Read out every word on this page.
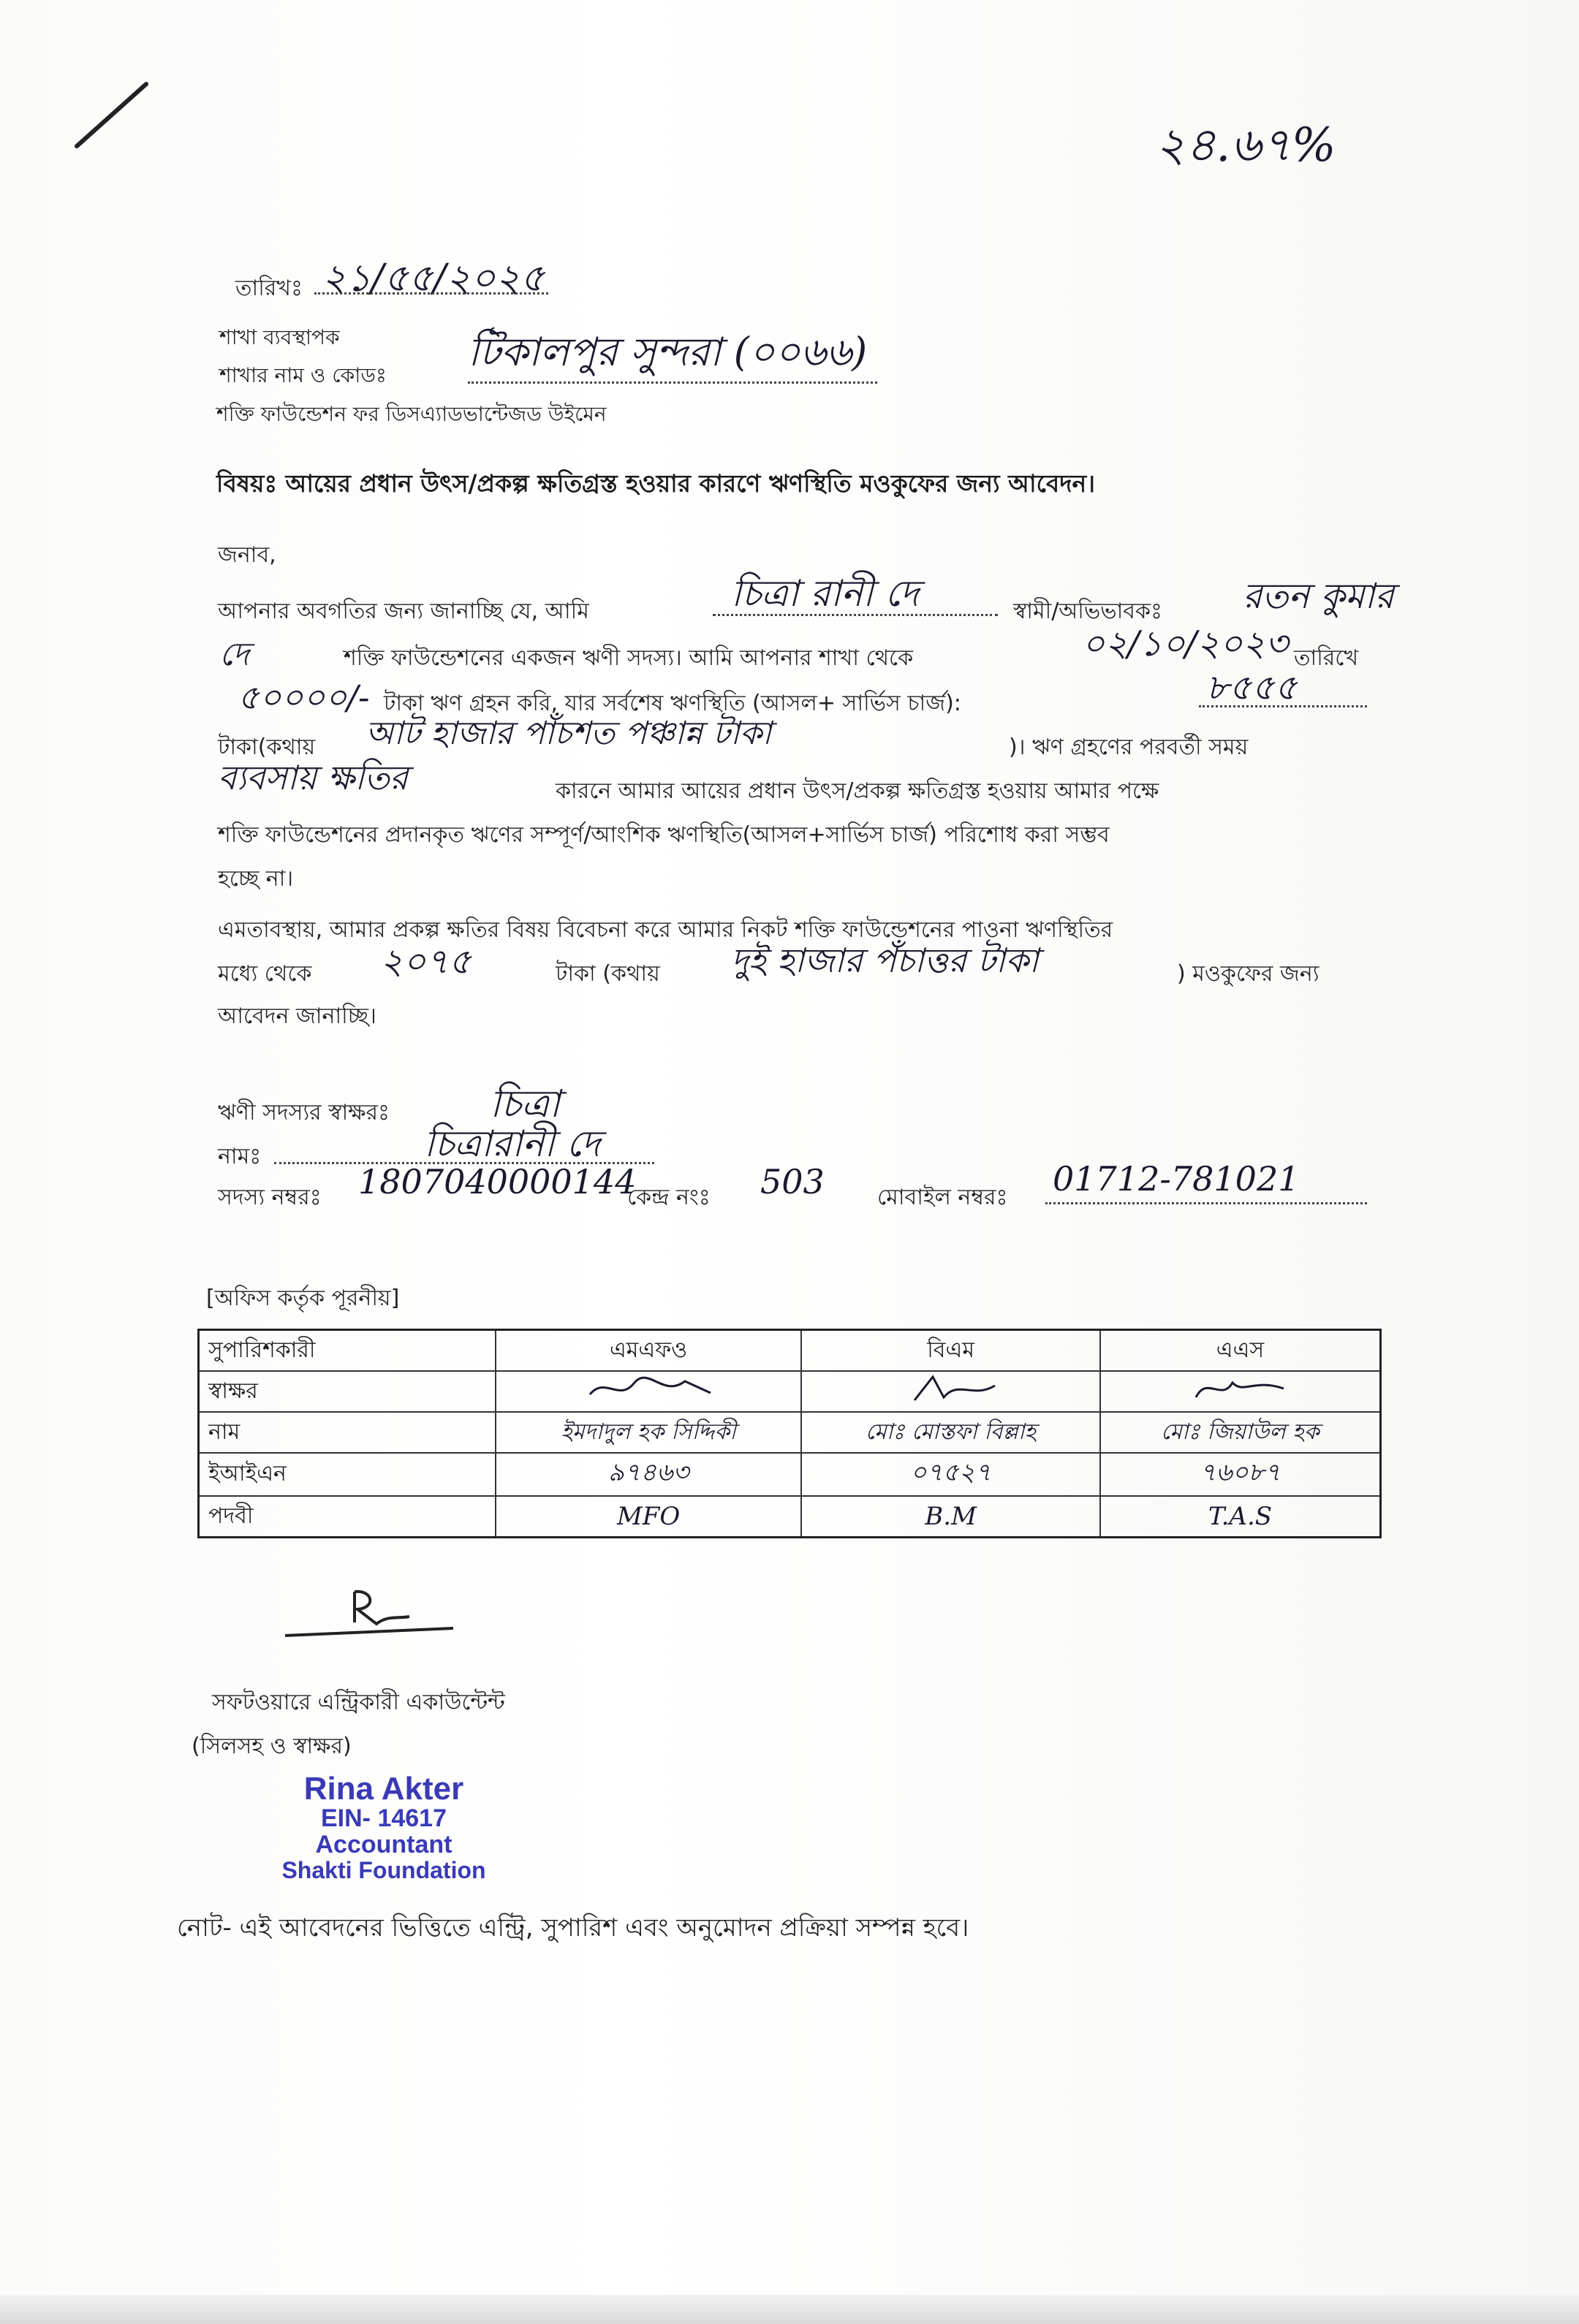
২৪.৬৭%
তারিখঃ ২১/৫৫/২০২৫
শাখা ব্যবস্থাপক
শাখার নাম ও কোডঃ
টিকালপুর সুন্দরা (০০৬৬)
শক্তি ফাউন্ডেশন ফর ডিসএ্যাডভান্টেজড উইমেন
বিষয়ঃ আয়ের প্রধান উৎস/প্রকল্প ক্ষতিগ্রস্ত হওয়ার কারণে ঋণস্থিতি মওকুফের জন্য আবেদন।
জনাব,
আপনার অবগতির জন্য জানাচ্ছি যে, আমি	চিত্রা রানী দে	স্বামী/অভিভাবকঃ রতন কুমার
দে	শক্তি ফাউন্ডেশনের একজন ঋণী সদস্য। আমি আপনার শাখা থেকে	০২/১০/২০২৩ তারিখে
৫০০০০/- টাকা ঋণ গ্রহন করি, যার সর্বশেষ ঋণস্থিতি (আসল+ সার্ভিস চার্জ):	৮৫৫৫
টাকা(কথায় আট হাজার পাঁচশত পঞ্চান্ন টাকা	)। ঋণ গ্রহণের পরবর্তী সময়
ব্যবসায় ক্ষতির	কারনে আমার আয়ের প্রধান উৎস/প্রকল্প ক্ষতিগ্রস্ত হওয়ায় আমার পক্ষে
শক্তি ফাউন্ডেশনের প্রদানকৃত ঋণের সম্পূর্ণ/আংশিক ঋণস্থিতি(আসল+সার্ভিস চার্জ) পরিশোধ করা সম্ভব
হচ্ছে না।
এমতাবস্থায়, আমার প্রকল্প ক্ষতির বিষয় বিবেচনা করে আমার নিকট শক্তি ফাউন্ডেশনের পাওনা ঋণস্থিতির
মধ্যে থেকে ২০৭৫	টাকা (কথায় দুই হাজার পঁচাত্তর টাকা	) মওকুফের জন্য
আবেদন জানাচ্ছি।
ঋণী সদস্যর স্বাক্ষরঃ	চিত্রা
নামঃ	চিত্রারানী দে
সদস্য নম্বরঃ 1807040000144
কেন্দ্র নংঃ 503 মোবাইল নম্বরঃ 01712-781021
[অফিস কর্তৃক পূরনীয়]
সুপারিশকারী	এমএফও	বিএম	এএস
স্বাক্ষর			
নাম	ইমদাদুল হক সিদ্দিকী	মোঃ মোস্তফা বিল্লাহ	মোঃ জিয়াউল হক
ইআইএন	৯৭৪৬৩	০৭৫২৭	৭৬০৮৭
পদবী	MFO	B.M	T.A.S
সফটওয়ারে এন্ট্রিকারী একাউন্টেন্ট
(সিলসহ ও স্বাক্ষর)
Rina Akter
EIN- 14617
Accountant
Shakti Foundation
নোট- এই আবেদনের ভিত্তিতে এন্ট্রি, সুপারিশ এবং অনুমোদন প্রক্রিয়া সম্পন্ন হবে।
